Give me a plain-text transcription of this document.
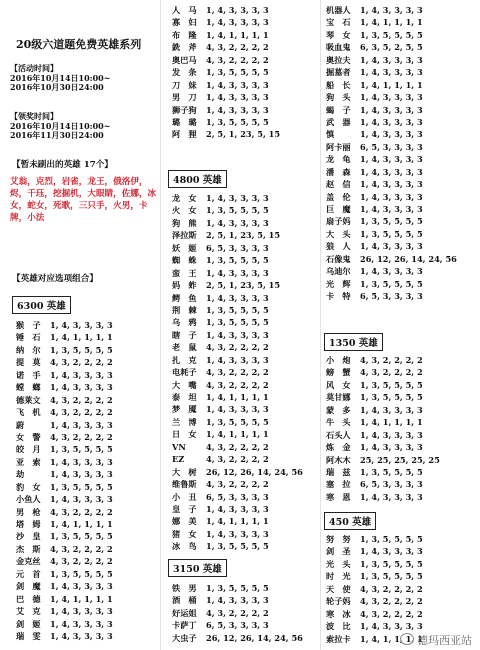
20级六道题免费英雄系列
【活动时间】
2016年10月14日10:00~
2016年10月30日24:00
【领奖时间】
2016年10月14日10:00~
2016年11月30日24:00
【暂未刷出的英雄 17个】
艾翁，克烈，岩雀，龙王，俄洛伊，烬，千珏，挖掘机，大眼睛，佐娜，冰女，蛇女，死歌，三只手，火男，卡牌，小法
【英雄对应选项组合】
6300 英雄
猴　子 1, 4, 3, 3, 3, 3
锤　石 1, 4, 1, 1, 1, 1
纳　尔 1, 3, 5, 5, 5, 5
提　莫 4, 3, 2, 2, 2, 2
诺　手 1, 4, 3, 3, 3, 3
螳　螂 1, 4, 3, 3, 3, 3
德莱文 4, 3, 2, 2, 2, 2
飞　机 4, 3, 2, 2, 2, 2
蔚	1, 4, 3, 3, 3, 3
女　警 4, 3, 2, 2, 2, 2
皎　月 1, 3, 5, 5, 5, 5
亚　索 1, 4, 3, 3, 3, 3
劫	1, 4, 3, 3, 3, 3
豹　女 1, 3, 5, 5, 5, 5
小鱼人 1, 4, 3, 3, 3, 3
男　枪 4, 3, 2, 2, 2, 2
塔　姆 1, 4, 1, 1, 1, 1
沙　皇 1, 3, 5, 5, 5, 5
杰　斯 4, 3, 2, 2, 2, 2
金克丝 4, 3, 2, 2, 2, 2
元　首 1, 3, 5, 5, 5, 5
剑　魔 1, 4, 3, 3, 3, 3
巴　德 1, 4, 1, 1, 1, 1
艾　克 1, 4, 3, 3, 3, 3
剑　姬 1, 4, 3, 3, 3, 3
瑞　雯 1, 4, 3, 3, 3, 3
人　马 1, 4, 3, 3, 3, 3
寡　妇 1, 4, 3, 3, 3, 3
布　隆 1, 4, 1, 1, 1, 1
銑　斧 4, 3, 2, 2, 2, 2
奥巴马 4, 3, 2, 2, 2, 2
发　条 1, 3, 5, 5, 5, 5
刀　妹 1, 4, 3, 3, 3, 3
男　刀 1, 4, 3, 3, 3, 3
狮子狗 1, 4, 3, 3, 3, 3
璐　璐 1, 3, 5, 5, 5, 5
阿　狸 2, 5, 1, 23, 5, 15
4800 英雄
龙　女 1, 4, 3, 3, 3, 3
火　女 1, 3, 5, 5, 5, 5
狗　熊 1, 4, 3, 3, 3, 3
泽拉斯 2, 5, 1, 23, 5, 15
妖　姬 6, 5, 3, 3, 3, 3
蜘　蛛 1, 3, 5, 5, 5, 5
蛮　王 1, 4, 3, 3, 3, 3
妈　蚱 2, 5, 1, 23, 5, 15
鳄　鱼 1, 4, 3, 3, 3, 3
荆　棘 1, 3, 5, 5, 5, 5
乌　鸦 1, 3, 5, 5, 5, 5
瞎　子 1, 4, 3, 3, 3, 3
老　鼠 4, 3, 2, 2, 2, 2
扎　克 1, 4, 3, 3, 3, 3
电耗子 4, 3, 2, 2, 2, 2
大　嘴 4, 3, 2, 2, 2, 2
泰　坦 1, 4, 1, 1, 1, 1
梦　魇 1, 4, 3, 3, 3, 3
兰　博 1, 3, 5, 5, 5, 5
日　女 1, 4, 1, 1, 1, 1
VN 4, 3, 2, 2, 2, 2
EZ	4, 3, 2, 2, 2, 2
大　树 26, 12, 26, 14, 24, 56
维鲁斯 4, 3, 2, 2, 2, 2
小　丑 6, 5, 3, 3, 3, 3
皇　子 1, 4, 3, 3, 3, 3
娜　美 1, 4, 1, 1, 1, 1
猪　女 1, 4, 3, 3, 3, 3
冰　鸟 1, 3, 5, 5, 5, 5
3150 英雄
铁　男 1, 3, 5, 5, 5, 5
酒　桶 1, 4, 3, 3, 3, 3
好运姐 4, 3, 2, 2, 2, 2
卡萨丁 6, 5, 3, 3, 3, 3
大虫子 26, 12, 26, 14, 24, 56
机器人 1, 4, 3, 3, 3, 3
宝　石 1, 4, 1, 1, 1, 1
琴　女 1, 3, 5, 5, 5, 5
吸血鬼 6, 3, 5, 2, 5, 5
奥拉夫 1, 4, 3, 3, 3, 3
掘墓者 1, 4, 3, 3, 3, 3
船　长 1, 4, 1, 1, 1, 1
狗　头 1, 4, 3, 3, 3, 3
蝎　子 1, 4, 3, 3, 3, 3
武　器 1, 4, 3, 3, 3, 3
慎	1, 4, 3, 3, 3, 3
阿卡丽 6, 5, 3, 3, 3, 3
龙　龟 1, 4, 3, 3, 3, 3
潘　森 1, 4, 3, 3, 3, 3
赵　信 1, 4, 3, 3, 3, 3
盖　伦 1, 4, 3, 3, 3, 3
巨　魔 1, 4, 3, 3, 3, 3
扇子妈 1, 3, 5, 5, 5, 5
大　头 1, 3, 5, 5, 5, 5
狼　人 1, 4, 3, 3, 3, 3
石像鬼 26, 12, 26, 14, 24, 56
乌迪尔 1, 4, 3, 3, 3, 3
光　辉 1, 3, 5, 5, 5, 5
卡　特 6, 5, 3, 3, 3, 3
1350 英雄
小　炮 4, 3, 2, 2, 2, 2
螃　蟹 4, 3, 2, 2, 2, 2
风　女 1, 3, 5, 5, 5, 5
莫甘娜 1, 3, 5, 5, 5, 5
蒙　多 1, 4, 3, 3, 3, 3
牛　头 1, 4, 1, 1, 1, 1
石头人 1, 4, 3, 3, 3, 3
炼　金 1, 4, 3, 3, 3, 3
阿木木 25, 25, 25, 25, 25
瑞　兹 1, 3, 5, 5, 5, 5
塞　拉 6, 5, 3, 3, 3, 3
寒　恩 1, 4, 3, 3, 3, 3
450 英雄
努　努 1, 3, 5, 5, 5, 5
剑　圣 1, 4, 3, 3, 3, 3
光　头 1, 3, 5, 5, 5, 5
时　光 1, 3, 5, 5, 5, 5
天　使 4, 3, 2, 2, 2, 2
轮子妈 4, 3, 2, 2, 2, 2
寒　冰 4, 3, 2, 2, 2, 2
波　比 1, 4, 3, 3, 3, 3
索拉卡 1, 4, 1, 1, 1, 1
德玛西亚站
